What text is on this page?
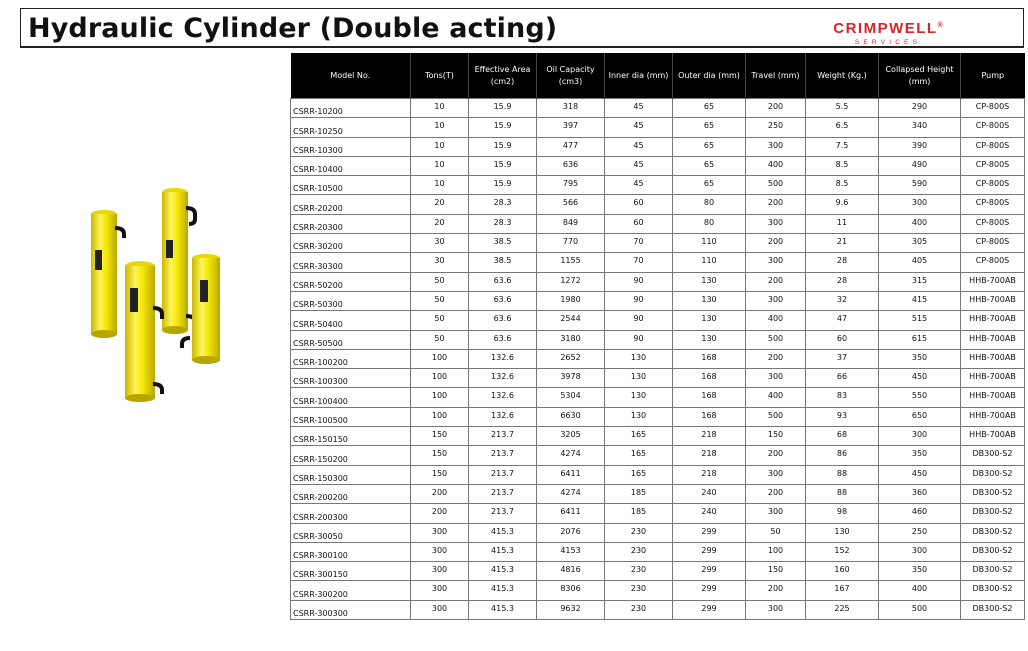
Hydraulic Cylinder (Double acting)	CRIMPWELL®
SERVICES
Model No.	Tons(T)	Effective Area (cm2)	Oil Capacity (cm3)	Inner dia (mm)	Outer dia (mm)	Travel (mm)	Weight (Kg.)	Collapsed Height (mm)	Pump
CSRR-10200	10	15.9	318	45	65	200	5.5	290	CP-800S
CSRR-10250	10	15.9	397	45	65	250	6.5	340	CP-800S
CSRR-10300	10	15.9	477	45	65	300	7.5	390	CP-800S
CSRR-10400	10	15.9	636	45	65	400	8.5	490	CP-800S
CSRR-10500	10	15.9	795	45	65	500	8.5	590	CP-800S
CSRR-20200	20	28.3	566	60	80	200	9.6	300	CP-800S
CSRR-20300	20	28.3	849	60	80	300	11	400	CP-800S
CSRR-30200	30	38.5	770	70	110	200	21	305	CP-800S
CSRR-30300	30	38.5	1155	70	110	300	28	405	CP-800S
CSRR-50200	50	63.6	1272	90	130	200	28	315	HHB-700AB
CSRR-50300	50	63.6	1980	90	130	300	32	415	HHB-700AB
CSRR-50400	50	63.6	2544	90	130	400	47	515	HHB-700AB
CSRR-50500	50	63.6	3180	90	130	500	60	615	HHB-700AB
CSRR-100200	100	132.6	2652	130	168	200	37	350	HHB-700AB
CSRR-100300	100	132.6	3978	130	168	300	66	450	HHB-700AB
CSRR-100400	100	132.6	5304	130	168	400	83	550	HHB-700AB
CSRR-100500	100	132.6	6630	130	168	500	93	650	HHB-700AB
CSRR-150150	150	213.7	3205	165	218	150	68	300	HHB-700AB
CSRR-150200	150	213.7	4274	165	218	200	86	350	DB300-S2
CSRR-150300	150	213.7	6411	165	218	300	88	450	DB300-S2
CSRR-200200	200	213.7	4274	185	240	200	88	360	DB300-S2
CSRR-200300	200	213.7	6411	185	240	300	98	460	DB300-S2
CSRR-30050	300	415.3	2076	230	299	50	130	250	DB300-S2
CSRR-300100	300	415.3	4153	230	299	100	152	300	DB300-S2
CSRR-300150	300	415.3	4816	230	299	150	160	350	DB300-S2
CSRR-300200	300	415.3	8306	230	299	200	167	400	DB300-S2
CSRR-300300	300	415.3	9632	230	299	300	225	500	DB300-S2
